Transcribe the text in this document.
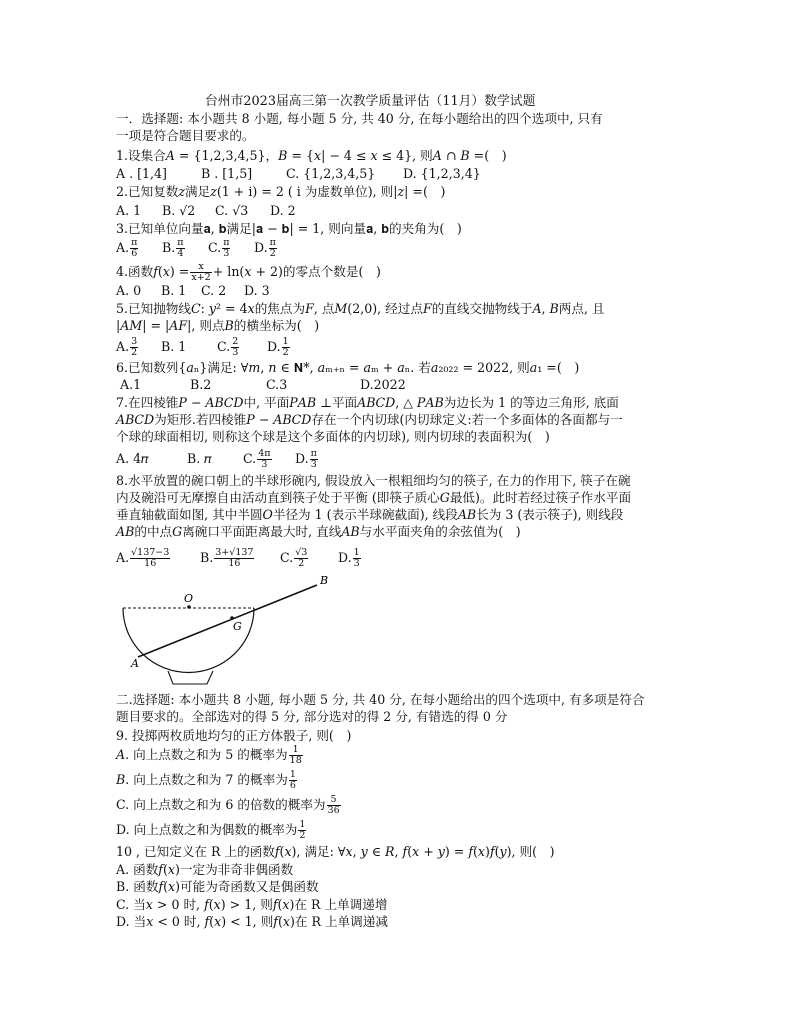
台州市2023届高三第一次教学质量评估（11月）数学试题
一．选择题: 本小题共 8 小题, 每小题 5 分, 共 40 分, 在每小题给出的四个选项中, 只有
一项是符合题目要求的。
1.设集合𝐴 = {1,2,3,4,5}，𝐵 = {𝑥| − 4 ≤ 𝑥 ≤ 4}, 则𝐴 ∩ 𝐵 =(　)
A . [1,4]	B . [1,5]	C. {1,2,3,4,5} D. {1,2,3,4}
2.已知复数𝑧满足𝑧(1 + i) = 2 ( i 为虚数单位), 则|𝑧| =(　)
A. 1 B. √2 C. √3 D. 2
3.已知单位向量𝐚, 𝐛满足|𝐚 − 𝐛| = 1, 则向量𝐚, 𝐛的夹角为(　)
A. $\frac{\pi}{6} B$. $\frac{\pi}{4} C$. $\frac{\pi}{3} D$. $\frac{\pi}{2}$
4.函数𝑓(𝑥) = $\frac{x}{x+2}$ + ln(𝑥 + 2)的零点个数是(　)
A. 0 B. 1 C. 2 D. 3
5.已知抛物线𝐶: 𝑦² = 4𝑥的焦点为𝐹, 点𝑀(2,0), 经过点𝐹的直线交抛物线于𝐴, 𝐵两点, 且
|𝐴𝑀| = |𝐴𝐹|, 则点𝐵的横坐标为(　)
A. $\frac{3}{2} B$. 1 C. $\frac{2}{3} D$. $\frac{1}{2}$
6.已知数列{𝑎ₙ}满足: ∀𝑚, 𝑛 ∈ 𝐍*, 𝑎ₘ₊ₙ = 𝑎ₘ + 𝑎ₙ. 若𝑎₂₀₂₂ = 2022, 则𝑎₁ =(　)
A.1	B.2	C.3	D.2022
7.在四棱锥𝑃 − 𝐴𝐵𝐶𝐷中, 平面𝑃𝐴𝐵 ⊥平面𝐴𝐵𝐶𝐷, △ 𝑃𝐴𝐵为边长为 1 的等边三角形, 底面
𝐴𝐵𝐶𝐷为矩形.若四棱锥𝑃 − 𝐴𝐵𝐶𝐷存在一个内切球(内切球定义:若一个多面体的各面都与一
个球的球面相切, 则称这个球是这个多面体的内切球), 则内切球的表面积为(　)
A. 4𝜋	B. 𝜋 C. $\frac{4\pi}{3} D$. $\frac{\pi}{3}$
8.水平放置的碗口朝上的半球形碗内, 假设放入一根粗细均匀的筷子, 在力的作用下, 筷子在碗
内及碗沿可无摩擦自由活动直到筷子处于平衡 (即筷子质心𝐺最低)。此时若经过筷子作水平面
垂直轴截面如图, 其中半圆𝑂半径为 1 (表示半球碗截面), 线段𝐴𝐵长为 3 (表示筷子), 则线段
𝐴𝐵的中点𝐺离碗口平面距离最大时, 直线𝐴𝐵与水平面夹角的余弦值为(　)
A. $\frac{√137-3}{16} B$. $\frac{3+√137}{16} C$. $\frac{√3}{2} D$. $\frac{1}{3}$
O
G
A
B
二.选择题: 本小题共 8 小题, 每小题 5 分, 共 40 分, 在每小题给出的四个选项中, 有多项是符合
题目要求的。全部选对的得 5 分, 部分选对的得 2 分, 有错选的得 0 分
9. 投掷两枚质地均匀的正方体骰子, 则(　)
𝐴. 向上点数之和为 5 的概率为 $\frac{1}{18}$
𝐵. 向上点数之和为 7 的概率为 $\frac{1}{6}$
C. 向上点数之和为 6 的倍数的概率为 $\frac{5}{36}$
D. 向上点数之和为偶数的概率为 $\frac{1}{2}$
10 , 已知定义在 R 上的函数𝑓(𝑥), 满足: ∀𝑥, 𝑦 ∈ 𝑅, 𝑓(𝑥 + 𝑦) = 𝑓(𝑥)𝑓(𝑦), 则(　)
A. 函数𝑓(𝑥)一定为非奇非偶函数
B. 函数𝑓(𝑥)可能为奇函数又是偶函数
C. 当𝑥 > 0 时, 𝑓(𝑥) > 1, 则𝑓(𝑥)在 R 上单调递增
D. 当𝑥 < 0 时, 𝑓(𝑥) < 1, 则𝑓(𝑥)在 R 上单调递减
